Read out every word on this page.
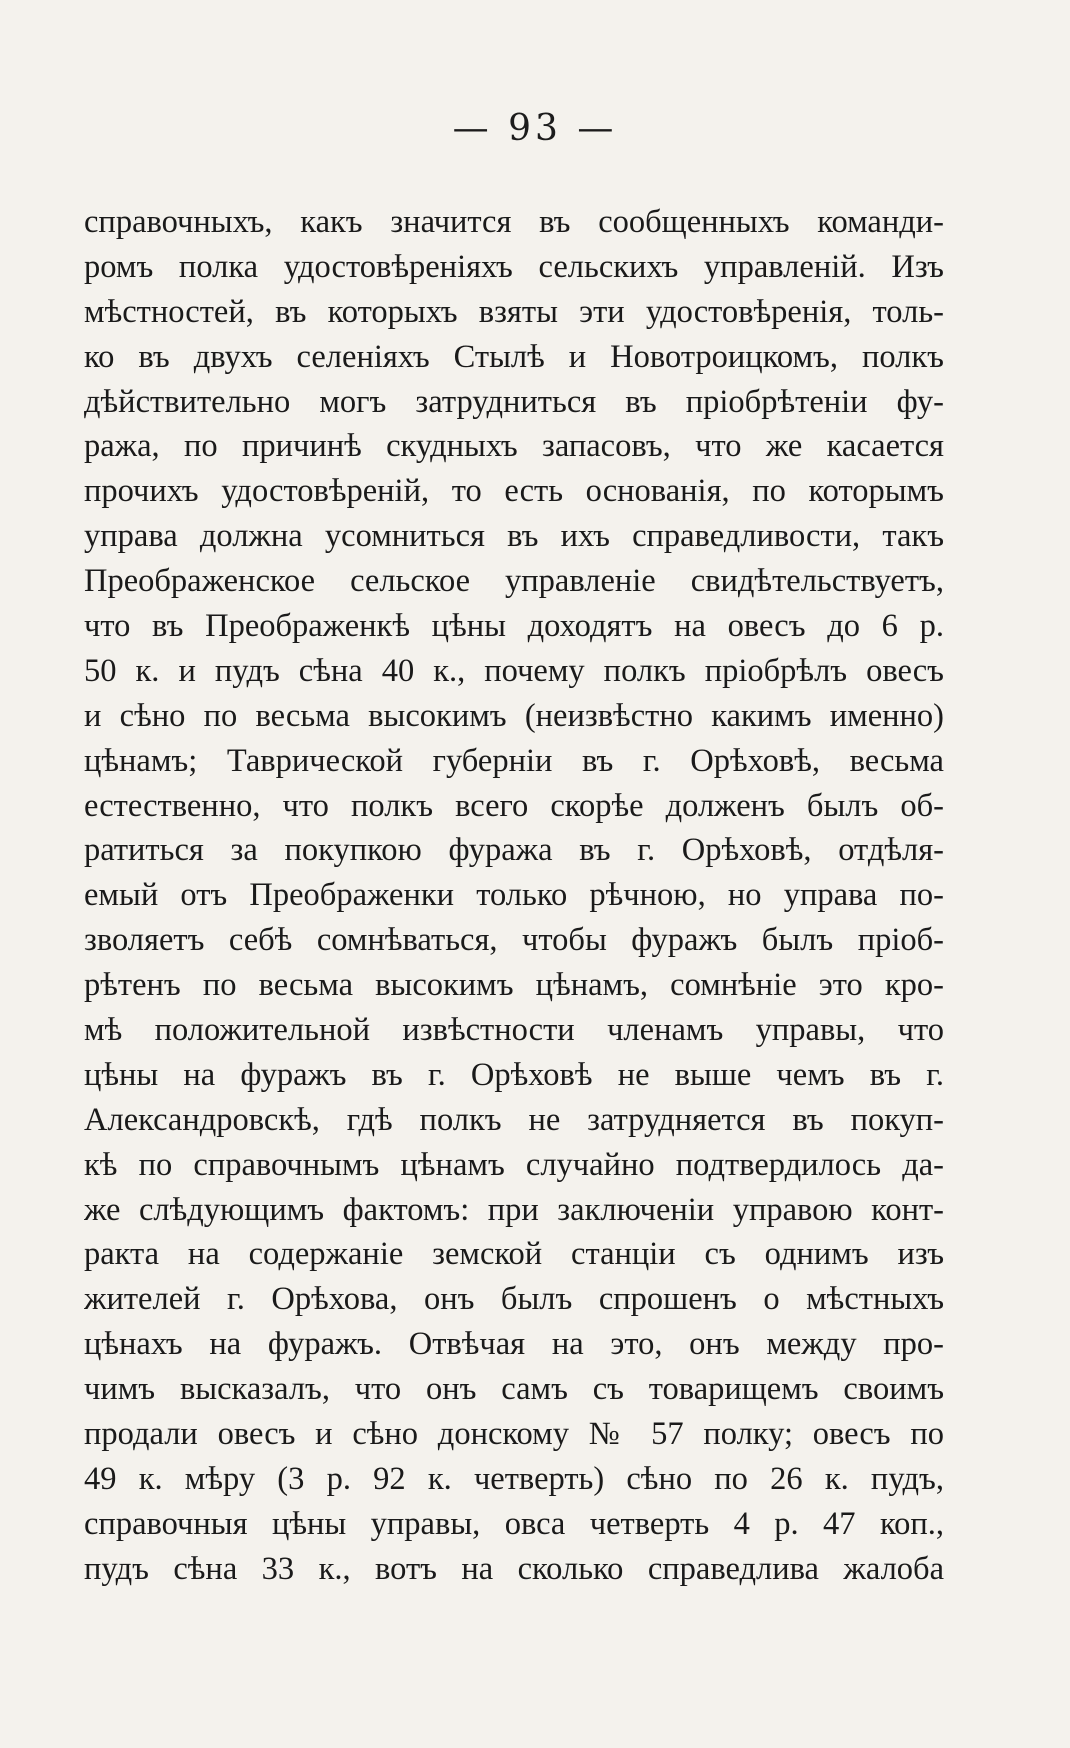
— 93 —
справочныхъ, какъ значится въ сообщенныхъ команди-
ромъ полка удостовѣреніяхъ сельскихъ управленій. Изъ
мѣстностей, въ которыхъ взяты эти удостовѣренія, толь-
ко въ двухъ селеніяхъ Стылѣ и Новотроицкомъ, полкъ
дѣйствительно могъ затрудниться въ пріобрѣтеніи фу-
ража, по причинѣ скудныхъ запасовъ, что же касается
прочихъ удостовѣреній, то есть основанія, по которымъ
управа должна усомниться въ ихъ справедливости, такъ
Преображенское сельское управленіе свидѣтельствуетъ,
что въ Преображенкѣ цѣны доходятъ на овесъ до 6 р.
50 к. и пудъ сѣна 40 к., почему полкъ пріобрѣлъ овесъ
и сѣно по весьма высокимъ (неизвѣстно какимъ именно)
цѣнамъ; Таврической губерніи въ г. Орѣховѣ, весьма
естественно, что полкъ всего скорѣе долженъ былъ об-
ратиться за покупкою фуража въ г. Орѣховѣ, отдѣля-
емый отъ Преображенки только рѣчною, но управа по-
зволяетъ себѣ сомнѣваться, чтобы фуражъ былъ пріоб-
рѣтенъ по весьма высокимъ цѣнамъ, сомнѣніе это кро-
мѣ положительной извѣстности членамъ управы, что
цѣны на фуражъ въ г. Орѣховѣ не выше чемъ въ г.
Александровскѣ, гдѣ полкъ не затрудняется въ покуп-
кѣ по справочнымъ цѣнамъ случайно подтвердилось да-
же слѣдующимъ фактомъ: при заключеніи управою конт-
ракта на содержаніе земской станціи съ однимъ изъ
жителей г. Орѣхова, онъ былъ спрошенъ о мѣстныхъ
цѣнахъ на фуражъ. Отвѣчая на это, онъ между про-
чимъ высказалъ, что онъ самъ съ товарищемъ своимъ
продали овесъ и сѣно донскому № 57 полку; овесъ по
49 к. мѣру (3 р. 92 к. четверть) сѣно по 26 к. пудъ,
справочныя цѣны управы, овса четверть 4 р. 47 коп.,
пудъ сѣна 33 к., вотъ на сколько справедлива жалоба
